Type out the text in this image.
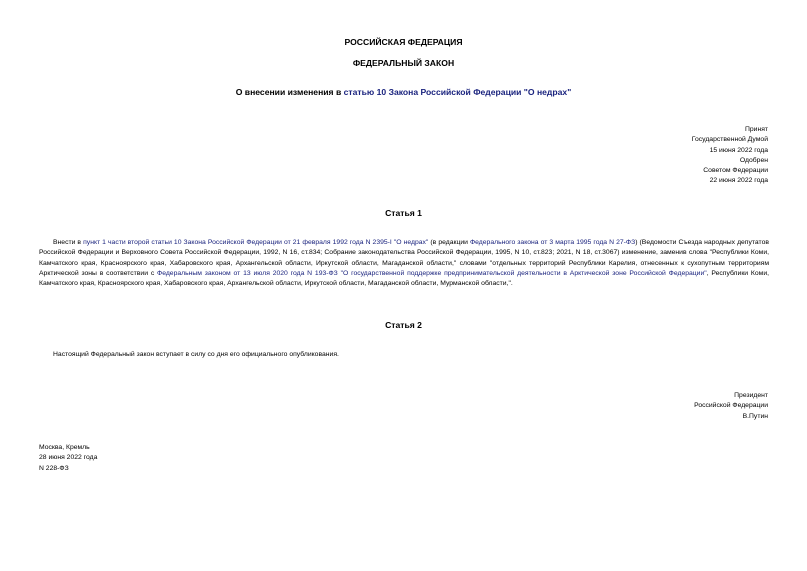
РОССИЙСКАЯ ФЕДЕРАЦИЯ
ФЕДЕРАЛЬНЫЙ ЗАКОН
О внесении изменения в статью 10 Закона Российской Федерации "О недрах"
Принят
Государственной Думой
15 июня 2022 года
Одобрен
Советом Федерации
22 июня 2022 года
Статья 1
Внести в пункт 1 части второй статьи 10 Закона Российской Федерации от 21 февраля 1992 года N 2395-I "О недрах" (в редакции Федерального закона от 3 марта 1995 года N 27-ФЗ) (Ведомости Съезда народных депутатов Российской Федерации и Верховного Совета Российской Федерации, 1992, N 16, ст.834; Собрание законодательства Российской Федерации, 1995, N 10, ст.823; 2021, N 18, ст.3067) изменение, заменив слова "Республики Коми, Камчатского края, Красноярского края, Хабаровского края, Архангельской области, Иркутской области, Магаданской области," словами "отдельных территорий Республики Карелия, отнесенных к сухопутным территориям Арктической зоны в соответствии с Федеральным законом от 13 июля 2020 года N 193-ФЗ "О государственной поддержке предпринимательской деятельности в Арктической зоне Российской Федерации", Республики Коми, Камчатского края, Красноярского края, Хабаровского края, Архангельской области, Иркутской области, Магаданской области, Мурманской области,".
Статья 2
Настоящий Федеральный закон вступает в силу со дня его официального опубликования.
Президент
Российской Федерации
В.Путин
Москва, Кремль
28 июня 2022 года
N 228-ФЗ
